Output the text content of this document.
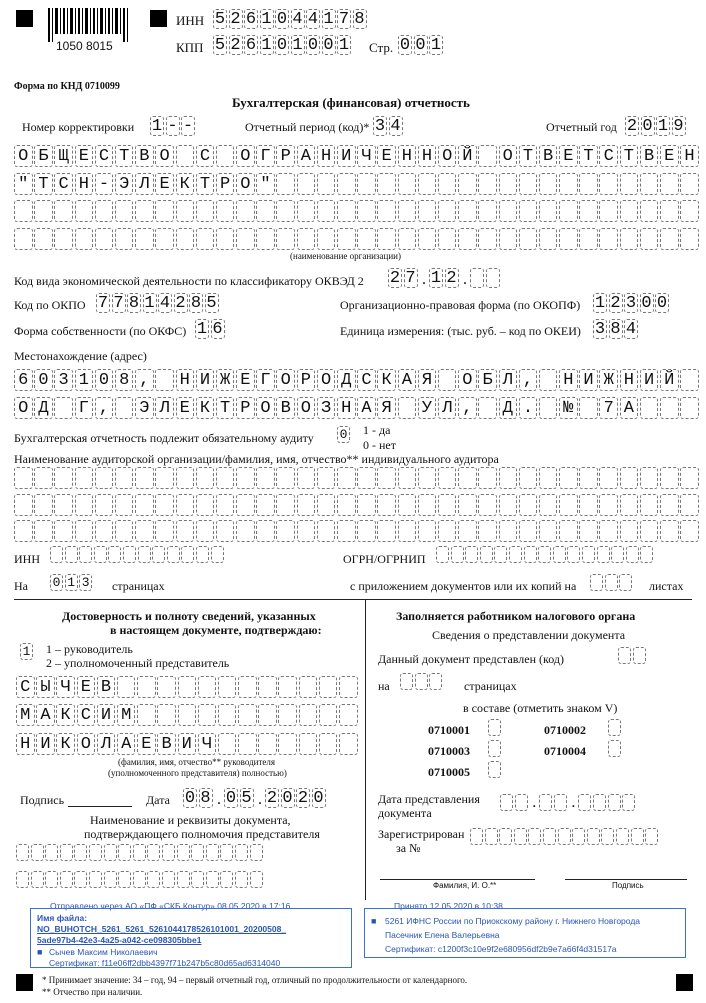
1050 8015
ИНН 5 2 6 1 0 4 4 1 7 8
КПП 5 2 6 1 0 1 0 0 1 Стр. 0 0 1
Форма по КНД 0710099
Бухгалтерская (финансовая) отчетность
Номер корректировки 1 - -	Отчетный период (код)* 3 4	Отчетный год 2 0 1 9
О Б Щ Е С Т В О С О Г Р А Н И Ч Е Н Н О Й О Т В Е Т С Т В Е Н
" Т С Н - Э Л Е К Т Р О "
(наименование организации)
Код вида экономической деятельности по классификатору ОКВЭД 2 2 7 . 1 2 .
Код по ОКПО 7 7 8 1 4 2 8 5	Организационно-правовая форма (по ОКОПФ) 1 2 3 0 0
Форма собственности (по ОКФС) 1 6	Единица измерения: (тыс. руб. – код по ОКЕИ) 3 8 4
Местонахождение (адрес)
6 0 3 1 0 8 , Н И Ж Е Г О Р О Д С К А Я О Б Л , Н И Ж Н И Й
О Д Г , Э Л Е К Т Р О В О З Н А Я У Л , Д . № 7 А
Бухгалтерская отчетность подлежит обязательному аудиту 0 1 - да
0 - нет
Наименование аудиторской организации/фамилия, имя, отчество** индивидуального аудитора
ИНН	ОГРН/ОГРНИП
На 0 1 3 страницах	с приложением документов или их копий на	листах
Достоверность и полноту сведений, указанных
в настоящем документе, подтверждаю:
1 1 – руководитель
2 – уполномоченный представитель
С Ы Ч Е В
М А К С И М
Н И К О Л А Е В И Ч
(фамилия, имя, отчество** руководителя
(уполномоченного представителя) полностью)
Подпись	Дата 0 8 . 0 5 . 2 0 2 0
Наименование и реквизиты документа,
подтверждающего полномочия представителя
Заполняется работником налогового органа
Сведения о представлении документа
Данный документ представлен (код)
на	страницах
в составе (отметить знаком V)
0710001	0710002
0710003	0710004
0710005
Дата представления
документа
.	.
Зарегистрирован
за №
Фамилия, И. О.**	Подпись
Отправлено через АО «ПФ «СКБ Контур» 08.05.2020 в 17:16
Имя файла:
NO_BUHOTCH_5261_5261_5261044178526101001_20200508_
5ade97b4-42e3-4a25-a042-ce098305bbe1
■ Сычев Максим Николаевич
Сертификат: f11e06ff2dbb4397f71b247b5c80d65ad6314040
Принято 12.05.2020 в 10:38
■ 5261 ИФНС России по Приокскому району г. Нижнего Новгорода
Пасечник Елена Валерьевна
Сертификат: c1200f3c10e9f2e680956df2b9e7a66f4d31517a
* Принимает значение: 34 – год, 94 – первый отчетный год, отличный по продолжительности от календарного.
** Отчество при наличии.
